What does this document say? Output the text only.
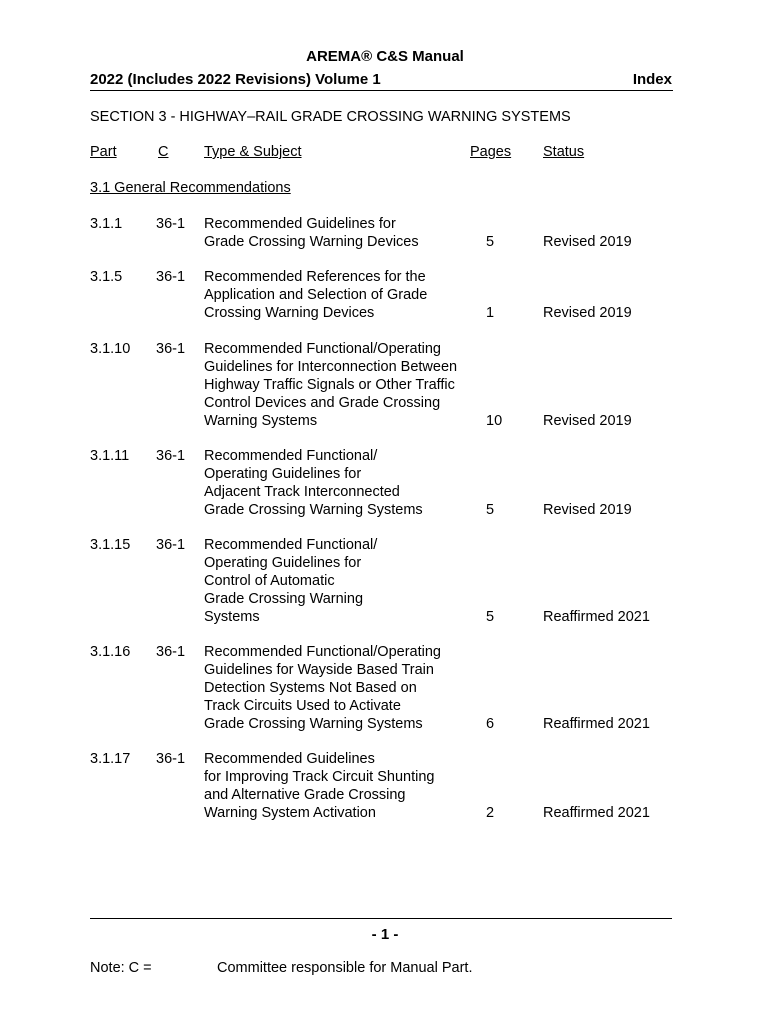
AREMA® C&S Manual
2022 (Includes 2022 Revisions) Volume 1	Index
SECTION 3 - HIGHWAY–RAIL GRADE CROSSING WARNING SYSTEMS
Part	C Type & Subject	Pages Status
3.1 General Recommendations
3.1.1 36-1 Recommended Guidelines for
Grade Crossing Warning Devices	5	Revised 2019
3.1.5 36-1 Recommended References for the
Application and Selection of Grade
Crossing Warning Devices	1	Revised 2019
3.1.10 36-1 Recommended Functional/Operating
Guidelines for Interconnection Between
Highway Traffic Signals or Other Traffic
Control Devices and Grade Crossing
Warning Systems	10	Revised 2019
3.1.11 36-1 Recommended Functional/
Operating Guidelines for
Adjacent Track Interconnected
Grade Crossing Warning Systems	5	Revised 2019
3.1.15 36-1 Recommended Functional/
Operating Guidelines for
Control of Automatic
Grade Crossing Warning
Systems	5	Reaffirmed 2021
3.1.16 36-1 Recommended Functional/Operating
Guidelines for Wayside Based Train
Detection Systems Not Based on
Track Circuits Used to Activate
Grade Crossing Warning Systems	6	Reaffirmed 2021
3.1.17 36-1 Recommended Guidelines
for Improving Track Circuit Shunting
and Alternative Grade Crossing
Warning System Activation	2	Reaffirmed 2021
- 1 -
Note: C =	Committee responsible for Manual Part.
